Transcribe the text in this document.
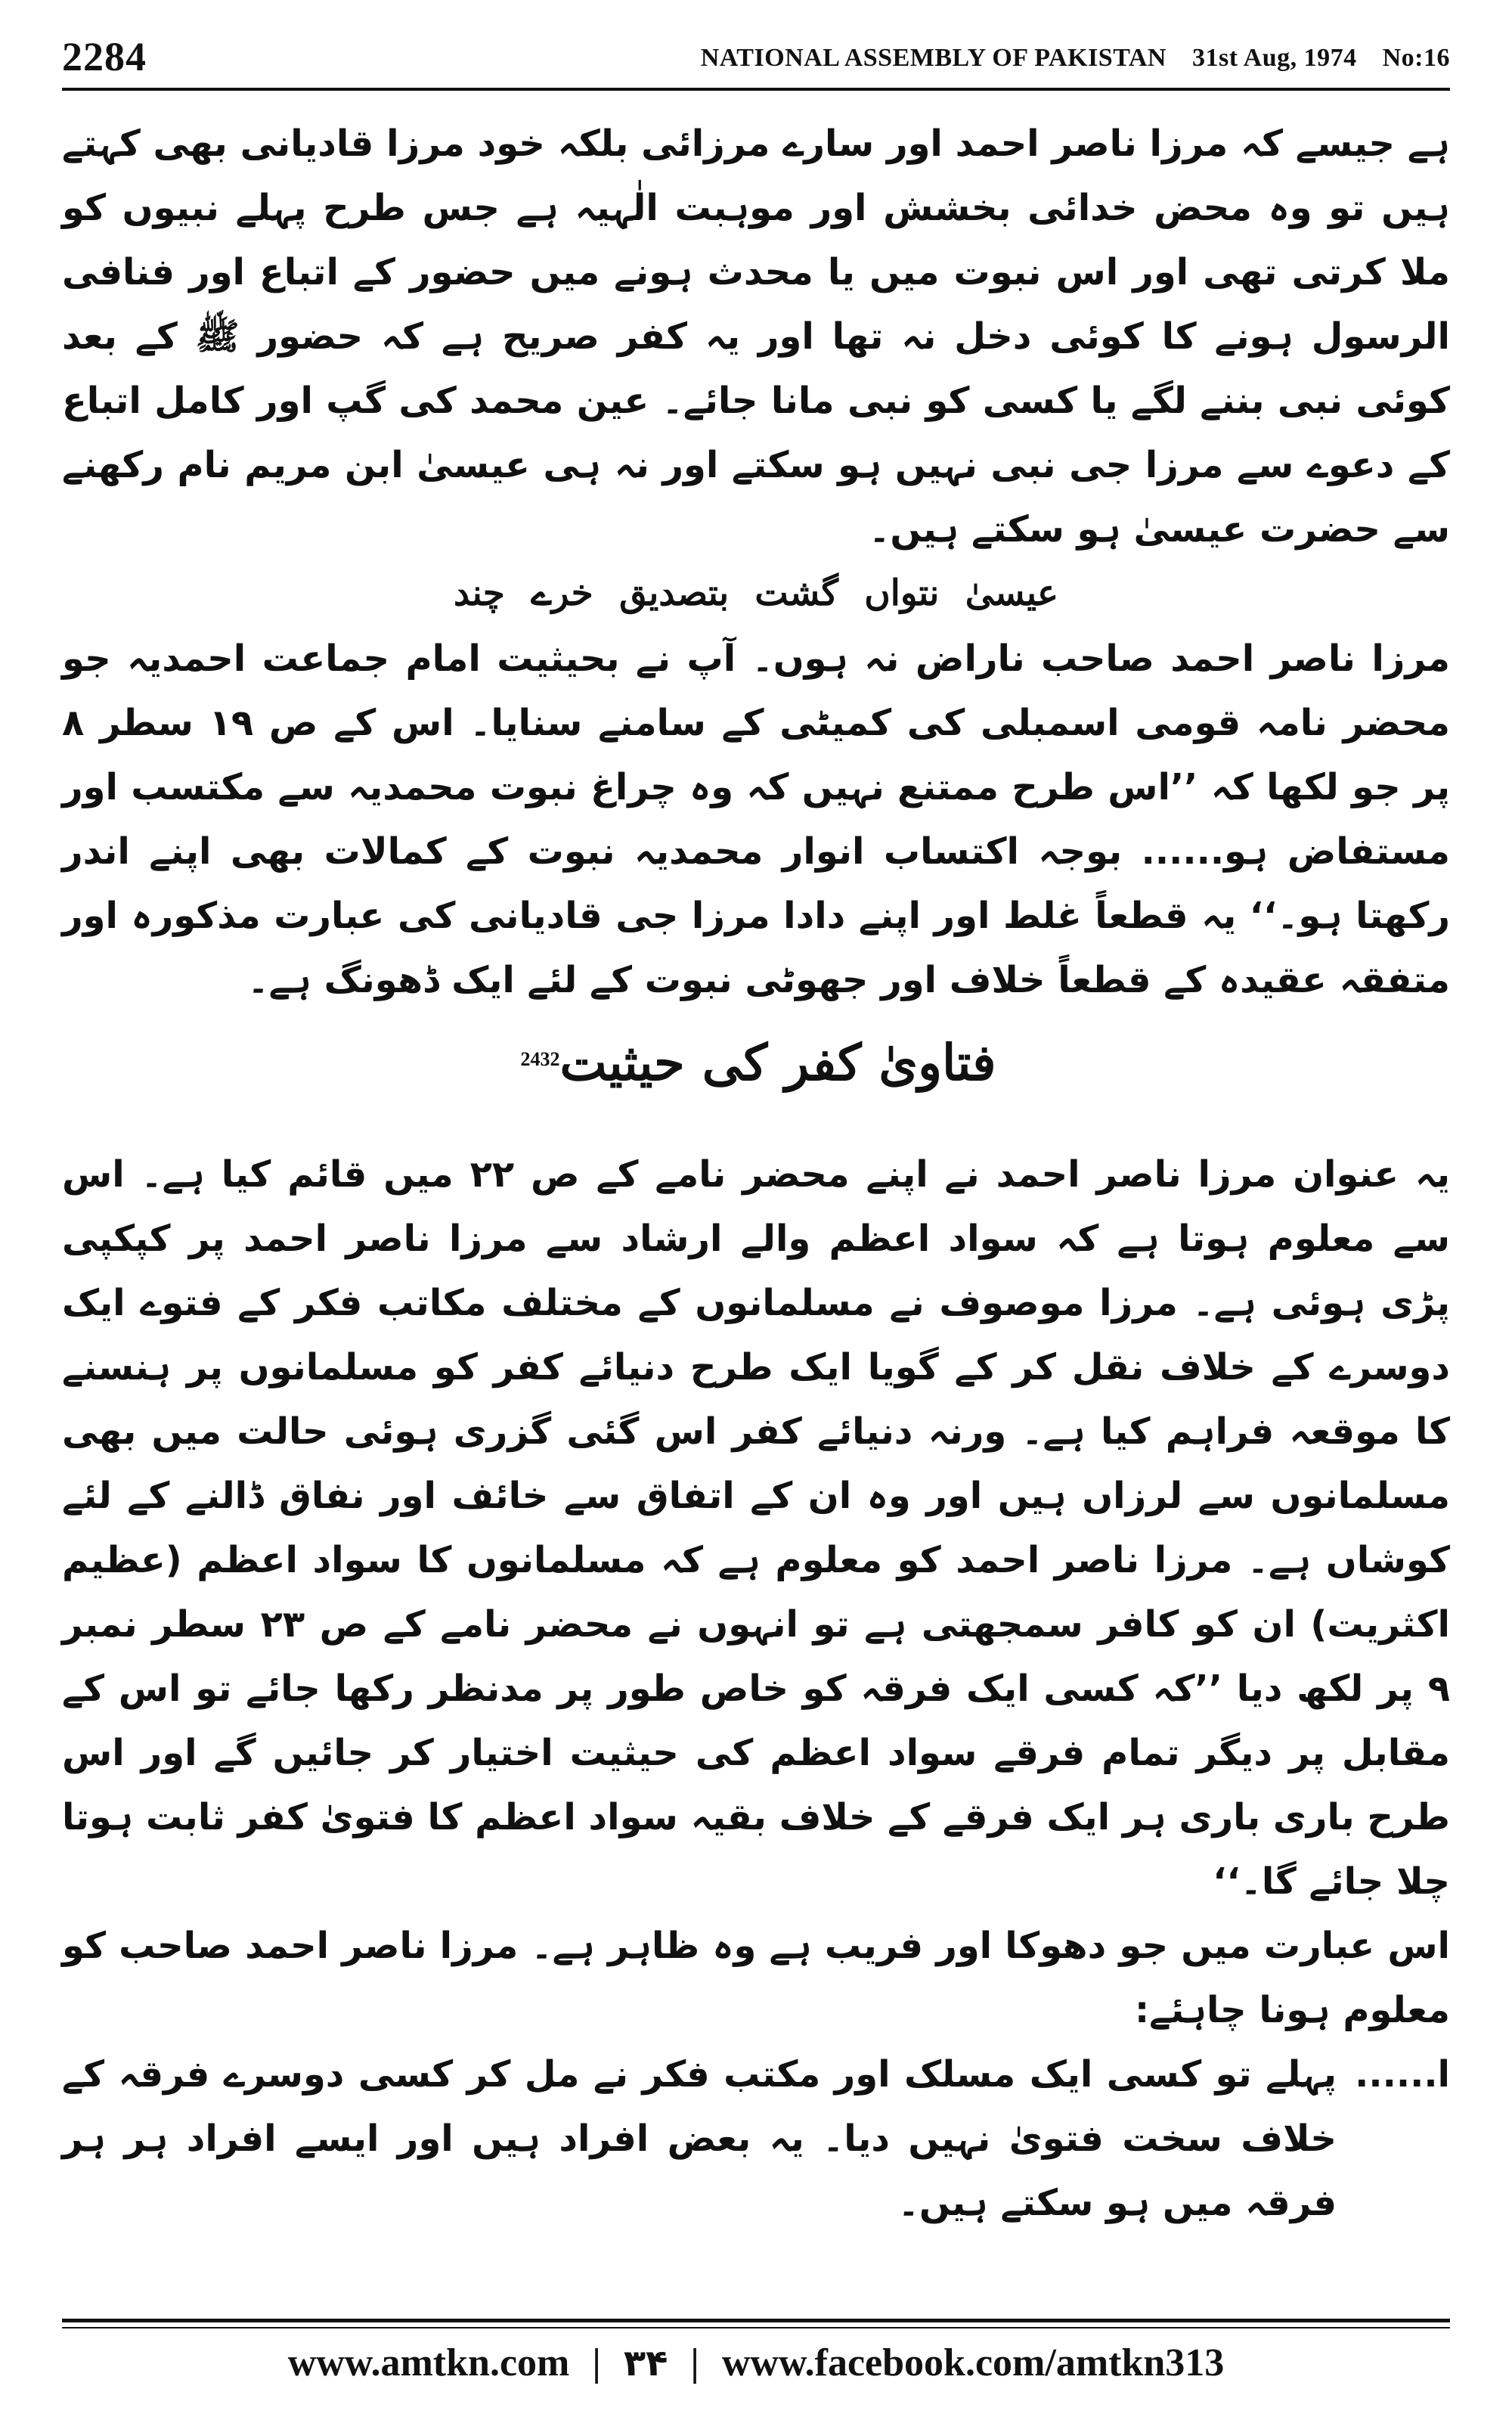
2284	NATIONAL ASSEMBLY OF PAKISTAN 31st Aug, 1974 No:16

ہے جیسے کہ مرزا ناصر احمد اور سارے مرزائی بلکہ خود مرزا قادیانی بھی کہتے ہیں تو وہ محض خدائی بخشش اور موہبت الٰہیہ ہے جس طرح پہلے نبیوں کو ملا کرتی تھی اور اس نبوت میں یا محدث ہونے میں حضور کے اتباع اور فنافی الرسول ہونے کا کوئی دخل نہ تھا اور یہ کفر صریح ہے کہ حضور ﷺ کے بعد کوئی نبی بننے لگے یا کسی کو نبی مانا جائے۔ عین محمد کی گپ اور کامل اتباع کے دعوے سے مرزا جی نبی نہیں ہو سکتے اور نہ ہی عیسیٰ ابن مریم نام رکھنے سے حضرت عیسیٰ ہو سکتے ہیں۔

عیسیٰ نتواں گشت بتصدیق خرے چند

مرزا ناصر احمد صاحب ناراض نہ ہوں۔ آپ نے بحیثیت امام جماعت احمدیہ جو محضر نامہ قومی اسمبلی کی کمیٹی کے سامنے سنایا۔ اس کے ص ۱۹ سطر ۸ پر جو لکھا کہ ’’اس طرح ممتنع نہیں کہ وہ چراغ نبوت محمدیہ سے مکتسب اور مستفاض ہو...... بوجہ اکتساب انوار محمدیہ نبوت کے کمالات بھی اپنے اندر رکھتا ہو۔‘‘ یہ قطعاً غلط اور اپنے دادا مرزا جی قادیانی کی عبارت مذکورہ اور متفقہ عقیدہ کے قطعاً خلاف اور جھوٹی نبوت کے لئے ایک ڈھونگ ہے۔

فتاویٰ کفر کی حیثیت$^{2432}$

یہ عنوان مرزا ناصر احمد نے اپنے محضر نامے کے ص ۲۲ میں قائم کیا ہے۔ اس سے معلوم ہوتا ہے کہ سواد اعظم والے ارشاد سے مرزا ناصر احمد پر کپکپی پڑی ہوئی ہے۔ مرزا موصوف نے مسلمانوں کے مختلف مکاتب فکر کے فتوے ایک دوسرے کے خلاف نقل کر کے گویا ایک طرح دنیائے کفر کو مسلمانوں پر ہنسنے کا موقعہ فراہم کیا ہے۔ ورنہ دنیائے کفر اس گئی گزری ہوئی حالت میں بھی مسلمانوں سے لرزاں ہیں اور وہ ان کے اتفاق سے خائف اور نفاق ڈالنے کے لئے کوشاں ہے۔ مرزا ناصر احمد کو معلوم ہے کہ مسلمانوں کا سواد اعظم (عظیم اکثریت) ان کو کافر سمجھتی ہے تو انہوں نے محضر نامے کے ص ۲۳ سطر نمبر ۹ پر لکھ دیا ’’کہ کسی ایک فرقہ کو خاص طور پر مدنظر رکھا جائے تو اس کے مقابل پر دیگر تمام فرقے سواد اعظم کی حیثیت اختیار کر جائیں گے اور اس طرح باری باری ہر ایک فرقے کے خلاف بقیہ سواد اعظم کا فتویٰ کفر ثابت ہوتا چلا جائے گا۔‘‘

اس عبارت میں جو دھوکا اور فریب ہے وہ ظاہر ہے۔ مرزا ناصر احمد صاحب کو معلوم ہونا چاہئے:

ا......
پہلے تو کسی ایک مسلک اور مکتب فکر نے مل کر کسی دوسرے فرقہ کے خلاف سخت فتویٰ نہیں دیا۔ یہ بعض افراد ہیں اور ایسے افراد ہر ہر فرقہ میں ہو سکتے ہیں۔
www.amtkn.com | ۳۴ | www.facebook.com/amtkn313
